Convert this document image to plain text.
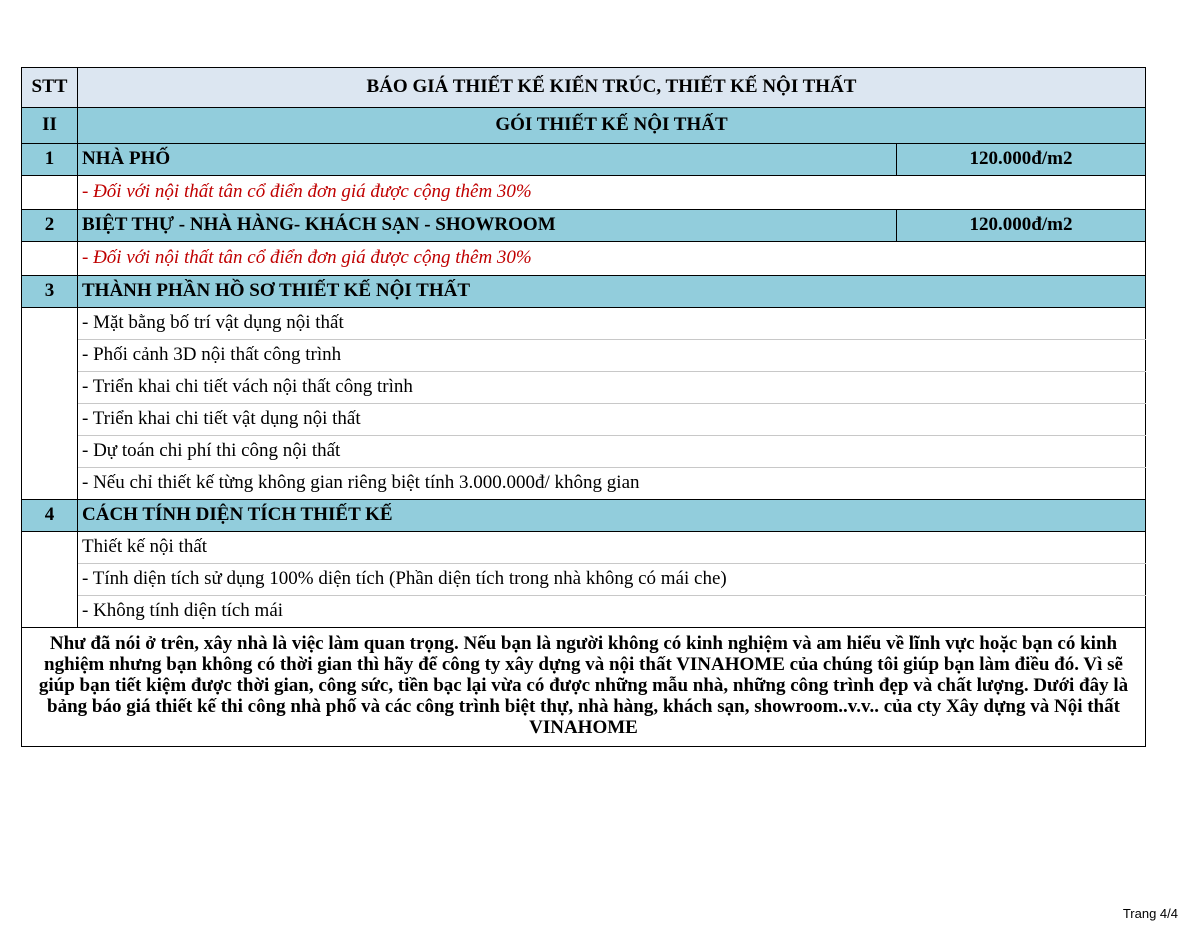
STT	BÁO GIÁ THIẾT KẾ KIẾN TRÚC, THIẾT KẾ NỘI THẤT	
II	GÓI THIẾT KẾ NỘI THẤT	
1	NHÀ PHỐ	120.000đ/m2
	- Đối với nội thất tân cổ điển đơn giá được cộng thêm 30%	
2	BIỆT THỰ - NHÀ HÀNG- KHÁCH SẠN - SHOWROOM	120.000đ/m2
	- Đối với nội thất tân cổ điển đơn giá được cộng thêm 30%	
3	THÀNH PHẦN HỒ SƠ THIẾT KẾ NỘI THẤT	
	- Mặt bằng bố trí vật dụng nội thất	
	- Phối cảnh 3D nội thất công trình	
	- Triển khai chi tiết vách nội thất công trình	
	- Triển khai chi tiết vật dụng nội thất	
	- Dự toán chi phí thi công nội thất	
	- Nếu chỉ thiết kế từng không gian riêng biệt tính 3.000.000đ/ không gian	
4	CÁCH TÍNH DIỆN TÍCH THIẾT KẾ	
	Thiết kế nội thất	
	- Tính diện tích sử dụng 100% diện tích (Phần diện tích trong nhà không có mái che)	
	- Không tính diện tích mái	
Như đã nói ở trên, xây nhà là việc làm quan trọng. Nếu bạn là người không có kinh nghiệm và am hiểu về lĩnh vực hoặc bạn có kinh nghiệm nhưng bạn không có thời gian thì hãy để công ty xây dựng và nội thất VINAHOME của chúng tôi giúp bạn làm điều đó. Vì sẽ giúp bạn tiết kiệm được thời gian, công sức, tiền bạc lại vừa có được những mẫu nhà, những công trình đẹp và chất lượng. Dưới đây là bảng báo giá thiết kế thi công nhà phố và các công trình biệt thự, nhà hàng, khách sạn, showroom..v.v.. của cty Xây dựng và Nội thất VINAHOME		
Trang 4/4
